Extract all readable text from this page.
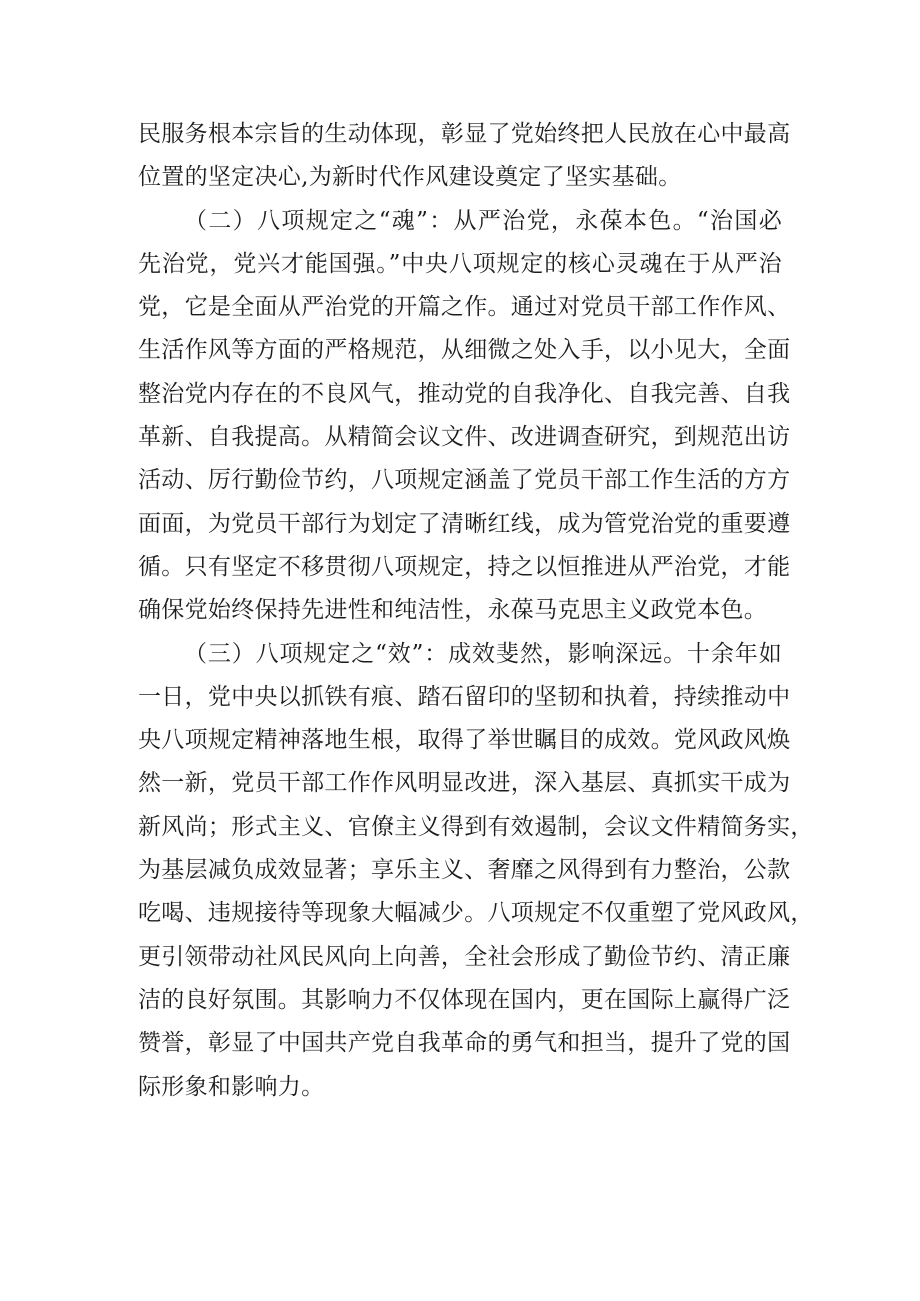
民服务根本宗旨的生动体现，彰显了党始终把人民放在心中最高
位置的坚定决心,为新时代作风建设奠定了坚实基础。
（二）八项规定之“魂”：从严治党，永葆本色。“治国必
先治党，党兴才能国强。”中央八项规定的核心灵魂在于从严治
党，它是全面从严治党的开篇之作。通过对党员干部工作作风、
生活作风等方面的严格规范，从细微之处入手，以小见大，全面
整治党内存在的不良风气，推动党的自我净化、自我完善、自我
革新、自我提高。从精简会议文件、改进调查研究，到规范出访
活动、厉行勤俭节约，八项规定涵盖了党员干部工作生活的方方
面面，为党员干部行为划定了清晰红线，成为管党治党的重要遵
循。只有坚定不移贯彻八项规定，持之以恒推进从严治党，才能
确保党始终保持先进性和纯洁性，永葆马克思主义政党本色。
（三）八项规定之“效”：成效斐然，影响深远。十余年如
一日，党中央以抓铁有痕、踏石留印的坚韧和执着，持续推动中
央八项规定精神落地生根，取得了举世瞩目的成效。党风政风焕
然一新，党员干部工作作风明显改进，深入基层、真抓实干成为
新风尚；形式主义、官僚主义得到有效遏制，会议文件精简务实，
为基层减负成效显著；享乐主义、奢靡之风得到有力整治，公款
吃喝、违规接待等现象大幅减少。八项规定不仅重塑了党风政风，
更引领带动社风民风向上向善，全社会形成了勤俭节约、清正廉
洁的良好氛围。其影响力不仅体现在国内，更在国际上赢得广泛
赞誉，彰显了中国共产党自我革命的勇气和担当，提升了党的国
际形象和影响力。
